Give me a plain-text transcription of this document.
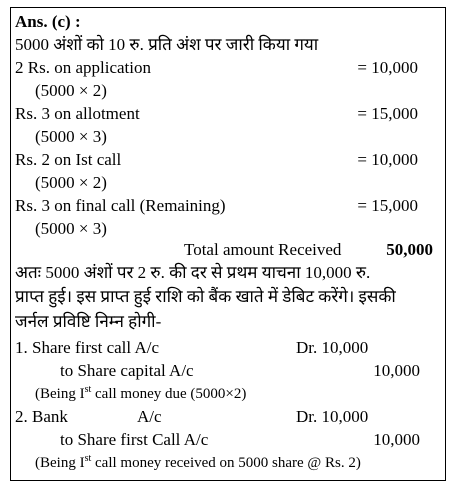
Ans. (c) :
5000 अंशों को 10 रु. प्रति अंश पर जारी किया गया
2 Rs. on application	= 10,000
(5000 × 2)
Rs. 3 on allotment	= 15,000
(5000 × 3)
Rs. 2 on Ist call	= 10,000
(5000 × 2)
Rs. 3 on final call (Remaining)	= 15,000
(5000 × 3)
Total amount Received	50,000
अतः 5000 अंशों पर 2 रु. की दर से प्रथम याचना 10,000 रु.
प्राप्त हुई। इस प्राप्त हुई राशि को बैंक खाते में डेबिट करेंगे। इसकी
जर्नल प्रविष्टि निम्न होगी-
1. Share first call A/c	Dr. 10,000
to Share capital A/c	10,000
(Being Ist call money due (5000×2)
2. Bank	A/c	Dr. 10,000
to Share first Call A/c	10,000
(Being Ist call money received on 5000 share @ Rs. 2)
